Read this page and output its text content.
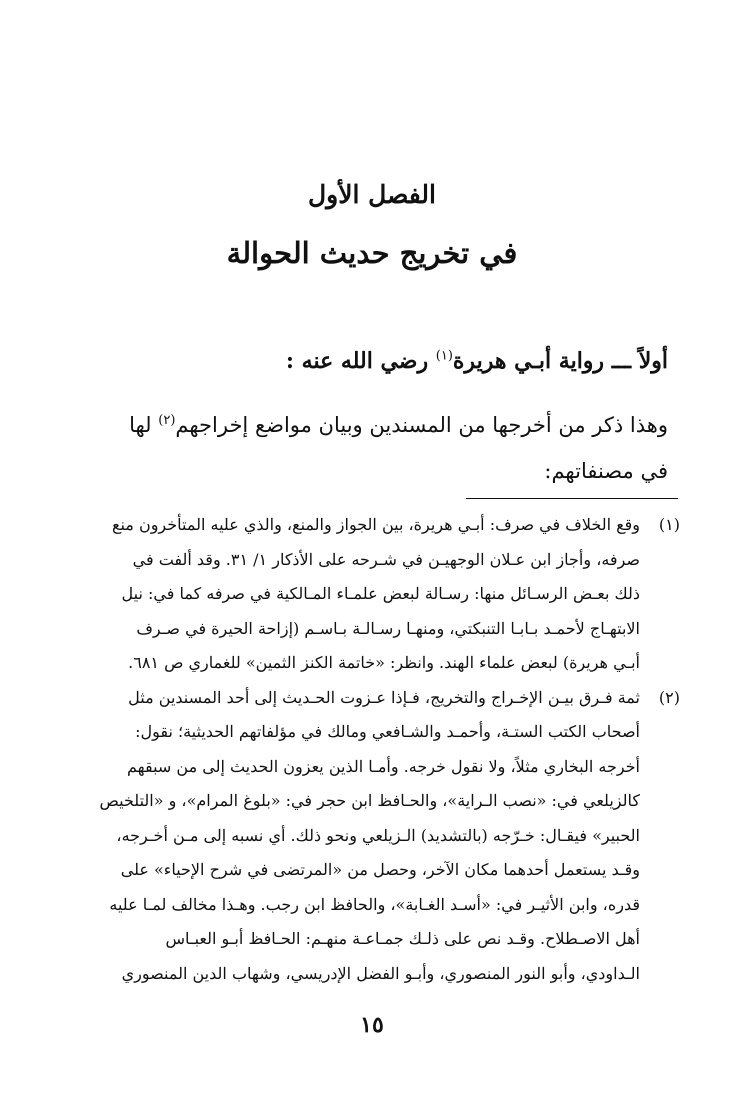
الفصل الأول
في تخريج حديث الحوالة
أولاً ـــ رواية أبـي هريرة$^{(١)}$ رضي الله عنه :
وهذا ذكر من أخرجها من المسندين وبيان مواضع إخراجهم$^{(٢)}$ لها
في مصنفاتهم:
(١)
وقع الخلاف في صرف: أبـي هريرة، بين الجواز والمنع، والذي عليه المتأخرون منع
صرفه، وأجاز ابن عـلان الوجهيـن في شـرحه على الأذكار ١/ ٣١. وقد ألفت في
ذلك بعـض الرسـائل منها: رسـالة لبعض علمـاء المـالكية في صرفه كما في: نيل
الابتهـاج لأحمـد بـابـا التنبكتي، ومنهـا رسـالـة بـاسـم (إزاحة الحيرة في صـرف
أبـي هريرة) لبعض علماء الهند. وانظر: «خاتمة الكنز الثمين» للغماري ص ٦٨١.
(٢)
ثمة فـرق بيـن الإخـراج والتخريج، فـإذا عـزوت الحـديث إلى أحد المسندين مثل
أصحاب الكتب الستـة، وأحمـد والشـافعي ومالك في مؤلفاتهم الحديثية؛ نقول:
أخرجه البخاري مثلاً، ولا نقول خرجه. وأمـا الذين يعزون الحديث إلى من سبقهم
كالزيلعي في: «نصب الـراية»، والحـافظ ابن حجر في: «بلوغ المرام»، و «التلخيص
الحبير» فيقـال: خـرّجه (بالتشديد) الـزيلعي ونحو ذلك. أي نسبه إلى مـن أخـرجه،
وقـد يستعمل أحدهما مكان الآخر، وحصل من «المرتضى في شرح الإحياء» على
قدره، وابن الأثيـر في: «أسـد الغـابة»، والحافظ ابن رجب. وهـذا مخالف لمـا عليه
أهل الاصـطلاح. وقـد نص على ذلـك جمـاعـة منهـم: الحـافظ أبـو العبـاس
الـداودي، وأبو النور المنصوري، وأبـو الفضل الإدريسي، وشهاب الدين المنصوري
١٥
